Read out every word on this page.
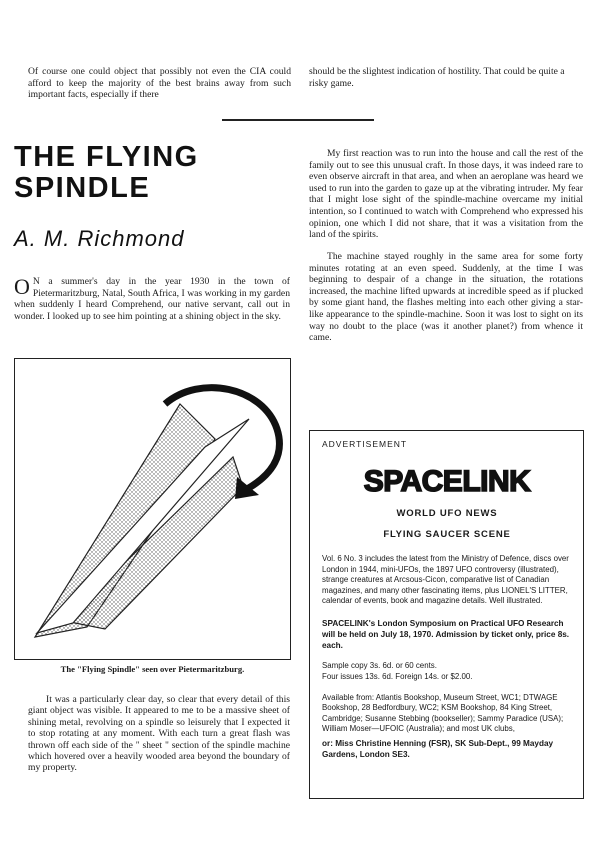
Of course one could object that possibly not even the CIA could afford to keep the majority of the best brains away from such important facts, especially if there

should be the slightest indication of hostility. That could be quite a risky game.

THE FLYING
SPINDLE
A. M. Richmond
O N a summer's day in the year 1930 in the town of Pietermaritzburg, Natal, South Africa, I was working in my garden when suddenly I heard Comprehend, our native servant, call out in wonder. I looked up to see him pointing at a shining object in the sky.
The "Flying Spindle" seen over Pietermaritzburg.

It was a particularly clear day, so clear that every detail of this giant object was visible. It appeared to me to be a massive sheet of shining metal, revolving on a spindle so leisurely that I expected it to stop rotating at any moment. With each turn a great flash was thrown off each side of the " sheet " section of the spindle machine which hovered over a heavily wooded area beyond the boundary of my property.

My first reaction was to run into the house and call the rest of the family out to see this unusual craft. In those days, it was indeed rare to even observe aircraft in that area, and when an aeroplane was heard we used to run into the garden to gaze up at the vibrating intruder. My fear that I might lose sight of the spindle-machine overcame my initial intention, so I continued to watch with Comprehend who expressed his opinion, one which I did not share, that it was a visitation from the land of the spirits.

The machine stayed roughly in the same area for some forty minutes rotating at an even speed. Suddenly, at the time I was beginning to despair of a change in the situation, the rotations increased, the machine lifted upwards at incredible speed as if plucked by some giant hand, the flashes melting into each other giving a star-like appearance to the spindle-machine. Soon it was lost to sight on its way no doubt to the place (was it another planet?) from whence it came.

ADVERTISEMENT
SPACELINK
WORLD UFO NEWS
FLYING SAUCER SCENE

Vol. 6 No. 3 includes the latest from the Ministry of Defence, discs over London in 1944, mini-UFOs, the 1897 UFO controversy (illustrated), strange creatures at Arcsous-Cicon, comparative list of Canadian magazines, and many other fascinating items, plus LIONEL'S LITTER, calendar of events, book and magazine details. Well illustrated.

SPACELINK's London Symposium on Practical UFO Research will be held on July 18, 1970. Admission by ticket only, price 8s. each.

Sample copy 3s. 6d. or 60 cents.

Four issues 13s. 6d. Foreign 14s. or $2.00.

Available from: Atlantis Bookshop, Museum Street, WC1; DTWAGE Bookshop, 28 Bedfordbury, WC2; KSM Bookshop, 84 King Street, Cambridge; Susanne Stebbing (bookseller); Sammy Paradice (USA); William Moser—UFOIC (Australia); and most UK clubs,

or: Miss Christine Henning (FSR), SK Sub-Dept., 99 Mayday Gardens, London SE3.
